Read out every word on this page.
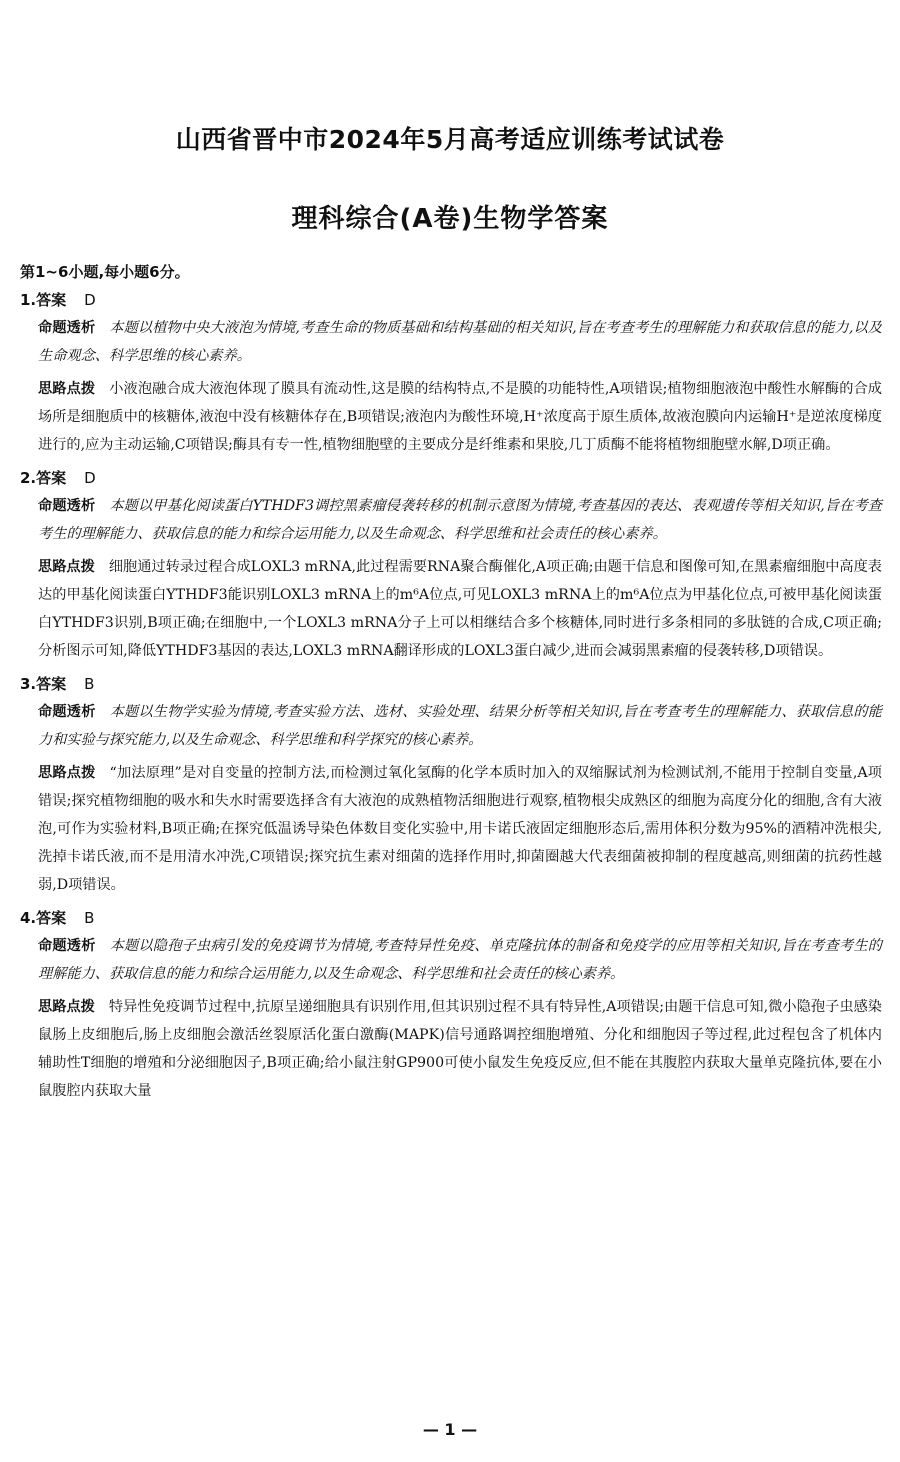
山西省晋中市2024年5月高考适应训练考试试卷
理科综合(A卷)生物学答案

第1~6小题,每小题6分。

1.答案 D

命题透析 本题以植物中央大液泡为情境,考查生命的物质基础和结构基础的相关知识,旨在考查考生的理解能力和获取信息的能力,以及生命观念、科学思维的核心素养。

思路点拨 小液泡融合成大液泡体现了膜具有流动性,这是膜的结构特点,不是膜的功能特性,A项错误;植物细胞液泡中酸性水解酶的合成场所是细胞质中的核糖体,液泡中没有核糖体存在,B项错误;液泡内为酸性环境,H⁺浓度高于原生质体,故液泡膜向内运输H⁺是逆浓度梯度进行的,应为主动运输,C项错误;酶具有专一性,植物细胞壁的主要成分是纤维素和果胶,几丁质酶不能将植物细胞壁水解,D项正确。

2.答案 D

命题透析 本题以甲基化阅读蛋白YTHDF3调控黑素瘤侵袭转移的机制示意图为情境,考查基因的表达、表观遗传等相关知识,旨在考查考生的理解能力、获取信息的能力和综合运用能力,以及生命观念、科学思维和社会责任的核心素养。

思路点拨 细胞通过转录过程合成LOXL3 mRNA,此过程需要RNA聚合酶催化,A项正确;由题干信息和图像可知,在黑素瘤细胞中高度表达的甲基化阅读蛋白YTHDF3能识别LOXL3 mRNA上的m⁶A位点,可见LOXL3 mRNA上的m⁶A位点为甲基化位点,可被甲基化阅读蛋白YTHDF3识别,B项正确;在细胞中,一个LOXL3 mRNA分子上可以相继结合多个核糖体,同时进行多条相同的多肽链的合成,C项正确;分析图示可知,降低YTHDF3基因的表达,LOXL3 mRNA翻译形成的LOXL3蛋白减少,进而会减弱黑素瘤的侵袭转移,D项错误。

3.答案 B

命题透析 本题以生物学实验为情境,考查实验方法、选材、实验处理、结果分析等相关知识,旨在考查考生的理解能力、获取信息的能力和实验与探究能力,以及生命观念、科学思维和科学探究的核心素养。

思路点拨 “加法原理”是对自变量的控制方法,而检测过氧化氢酶的化学本质时加入的双缩脲试剂为检测试剂,不能用于控制自变量,A项错误;探究植物细胞的吸水和失水时需要选择含有大液泡的成熟植物活细胞进行观察,植物根尖成熟区的细胞为高度分化的细胞,含有大液泡,可作为实验材料,B项正确;在探究低温诱导染色体数目变化实验中,用卡诺氏液固定细胞形态后,需用体积分数为95%的酒精冲洗根尖,洗掉卡诺氏液,而不是用清水冲洗,C项错误;探究抗生素对细菌的选择作用时,抑菌圈越大代表细菌被抑制的程度越高,则细菌的抗药性越弱,D项错误。

4.答案 B

命题透析 本题以隐孢子虫病引发的免疫调节为情境,考查特异性免疫、单克隆抗体的制备和免疫学的应用等相关知识,旨在考查考生的理解能力、获取信息的能力和综合运用能力,以及生命观念、科学思维和社会责任的核心素养。

思路点拨 特异性免疫调节过程中,抗原呈递细胞具有识别作用,但其识别过程不具有特异性,A项错误;由题干信息可知,微小隐孢子虫感染鼠肠上皮细胞后,肠上皮细胞会激活丝裂原活化蛋白激酶(MAPK)信号通路调控细胞增殖、分化和细胞因子等过程,此过程包含了机体内辅助性T细胞的增殖和分泌细胞因子,B项正确;给小鼠注射GP900可使小鼠发生免疫反应,但不能在其腹腔内获取大量单克隆抗体,要在小鼠腹腔内获取大量

— 1 —
